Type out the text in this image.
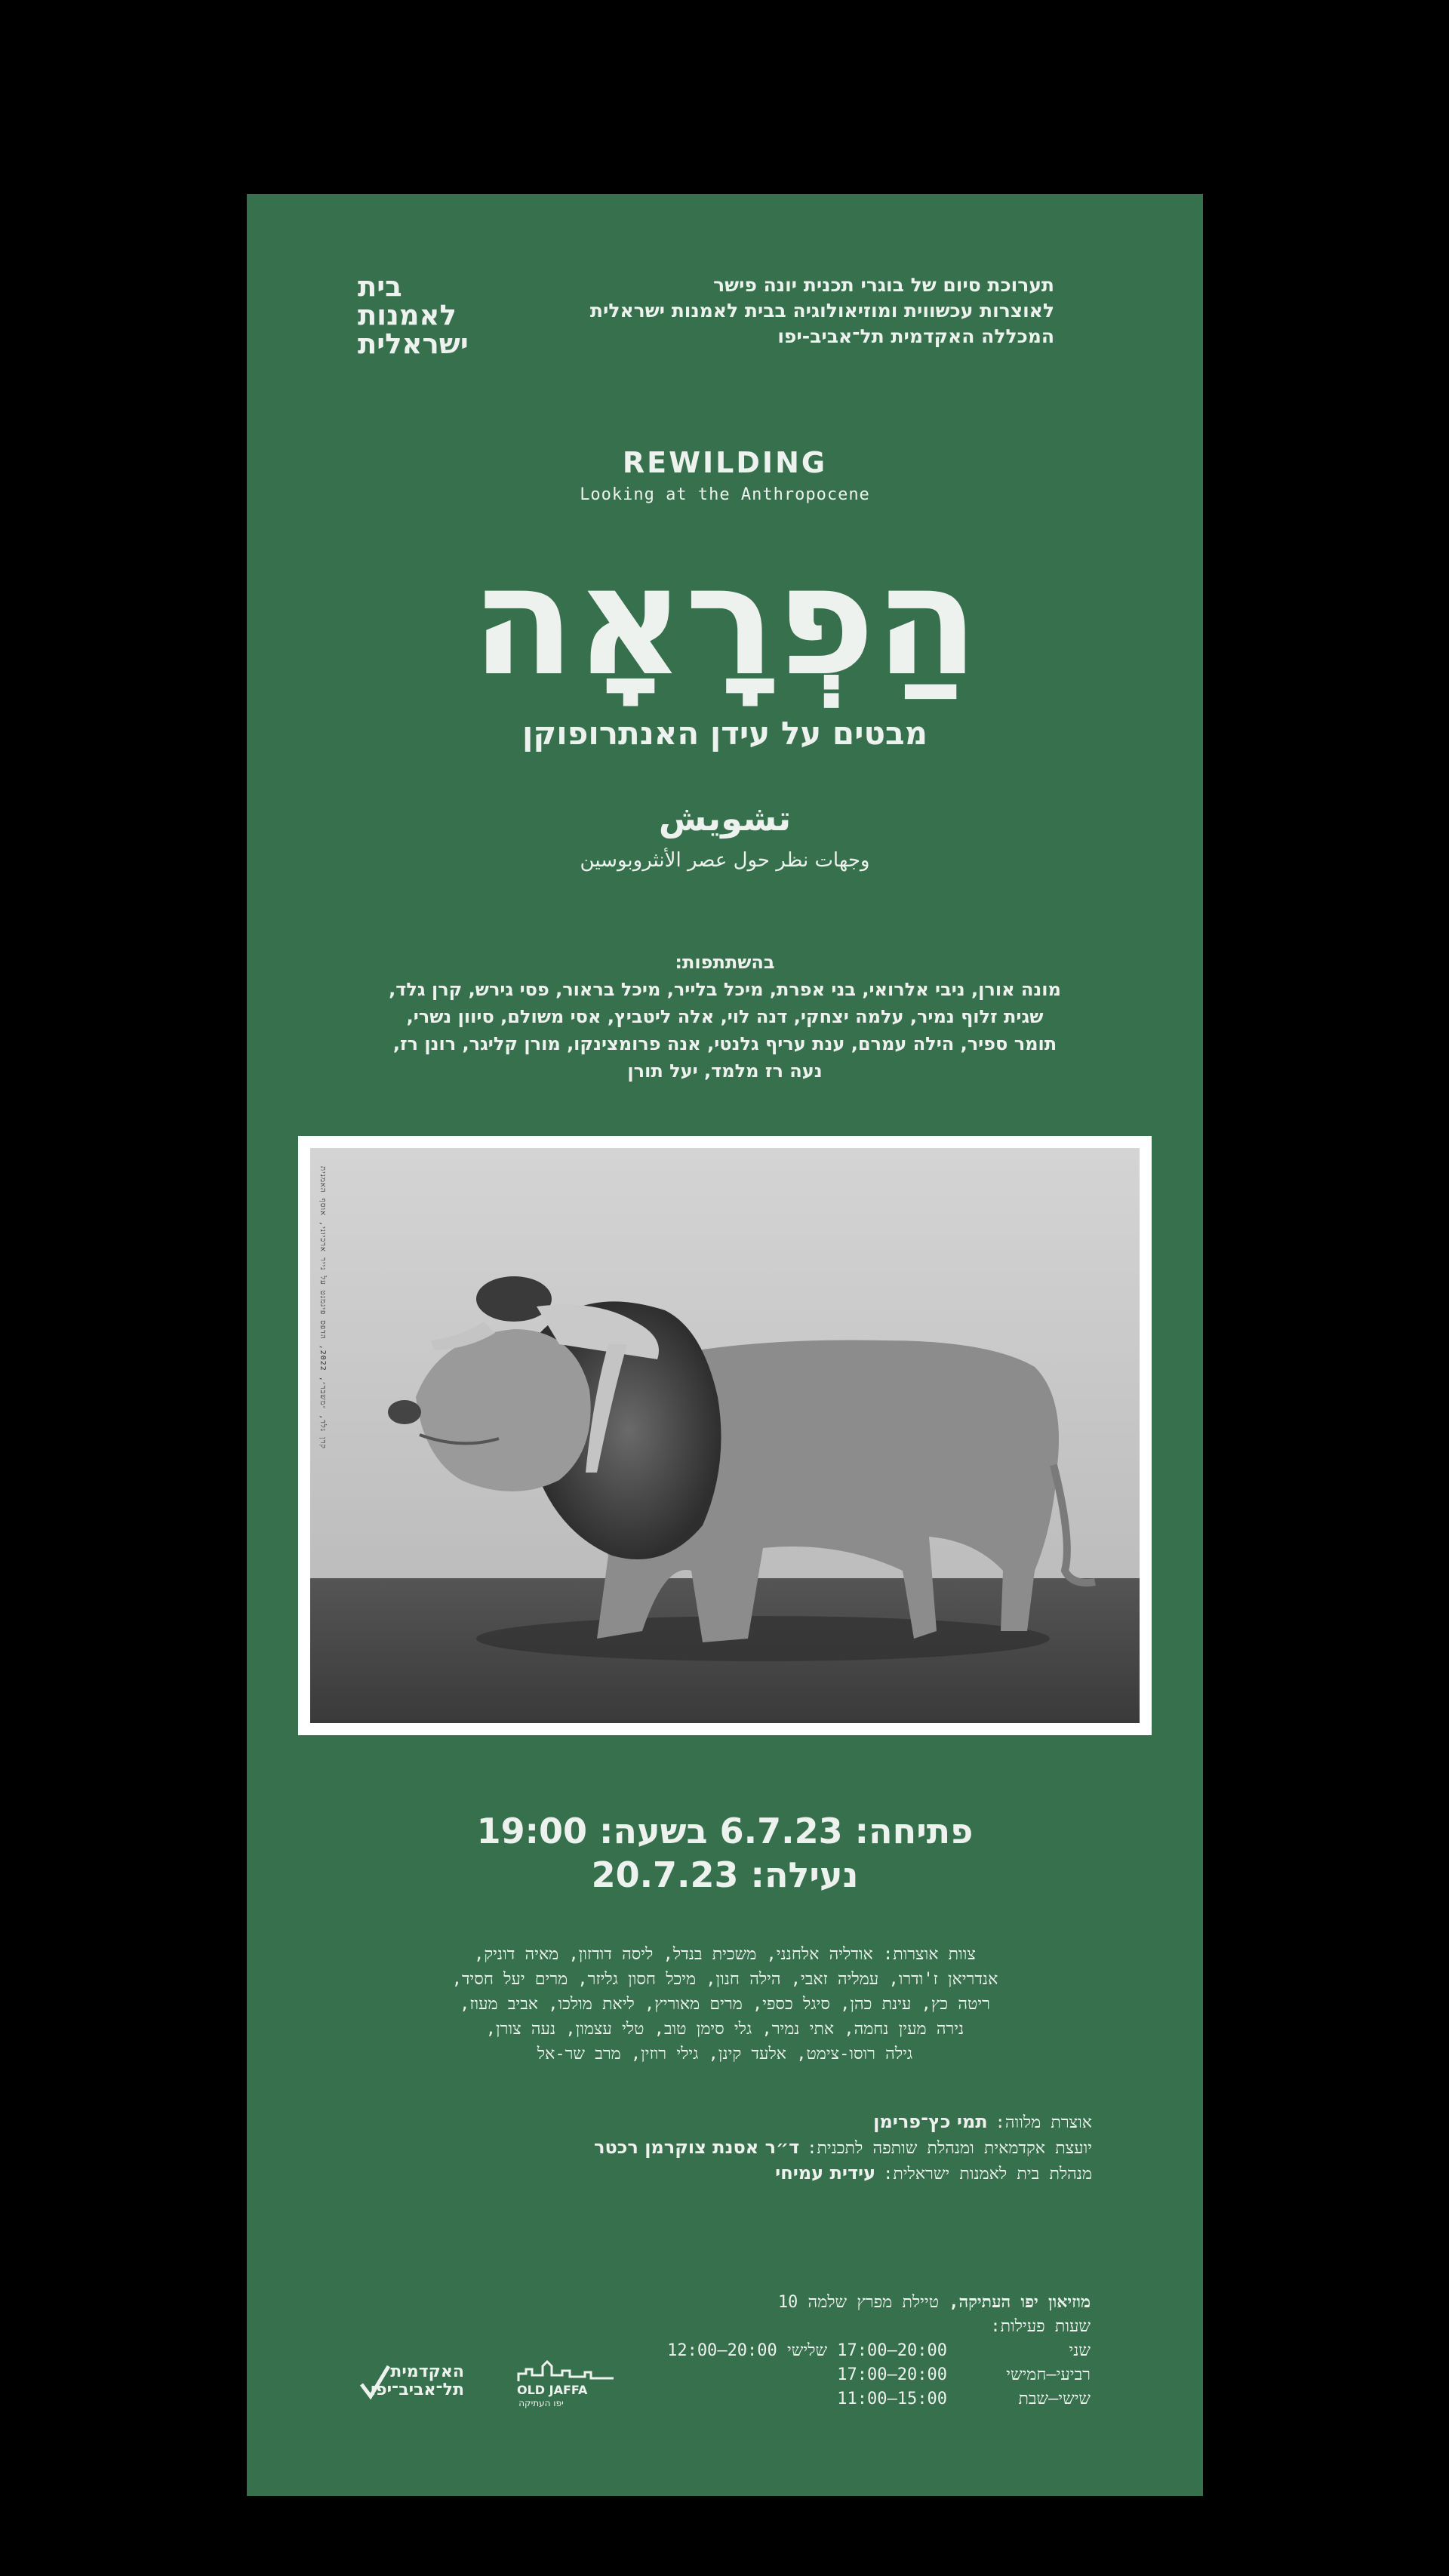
בית
לאמנות
ישראלית
תערוכת סיום של בוגרי תכנית יונה פישר
לאוצרות עכשווית ומוזיאולוגיה בבית לאמנות ישראלית
המכללה האקדמית תל־אביב-יפו
REWILDING
Looking at the Anthropocene
הַפְרָאָה
מבטים על עידן האנתרופוקן
تشويش
وجهات نظر حول عصر الأنثروبوسين
בהשתתפות:
מונה אורן, ניבי אלרואי, בני אפרת, מיכל בלייר, מיכל בראור, פסי גירש, קרן גלד,
שגית זלוף נמיר, עלמה יצחקי, דנה לוי, אלה ליטביץ, אסי משולם, סיוון נשרי,
תומר ספיר, הילה עמרם, ענת עריף גלנטי, אנה פרומצינקו, מורן קליגר, רונן רז,
נעה רז מלמד, יעל תורן
קרן גלד, ״משבר״, 2022, הדפס פיגמנט על נייר ארכיוני, אוסף האמנית
פתיחה: 6.7.23 בשעה: 19:00
נעילה: 20.7.23
צוות אוצרות: אודליה אלחנני, משכית בנדל, ליסה דודזון, מאיה דוניק,
אנדריאן ז'ודרו, עמליה זאבי, הילה חנון, מיכל חסון גליזר, מרים יעל חסיד,
ריטה כץ, עינת כהן, סיגל כספי, מרים מאוריץ, ליאת מולכו, אביב מעוז,
נירה מעין נחמה, אתי נמיר, גלי סימן טוב, טלי עצמון, נעה צורן,
גילה רוסו-צימט, אלעד קינן, גילי רוזין, מרב שר-אל
אוצרת מלווה:
תמי כץ־פרימן
יועצת אקדמאית ומנהלת שותפה לתכנית:
ד״ר אסנת צוקרמן רכטר
מנהלת בית לאמנות ישראלית:
עידית עמיחי
מוזיאון יפו העתיקה, טיילת מפרץ שלמה 10
שעות פעילות:
שני
20:00–17:00 שלישי 20:00–12:00
רביעי–חמישי
20:00–17:00
שישי–שבת
15:00–11:00
האקדמית תל־אביב־יפו	OLD JAFFA
יפו העתיקה
